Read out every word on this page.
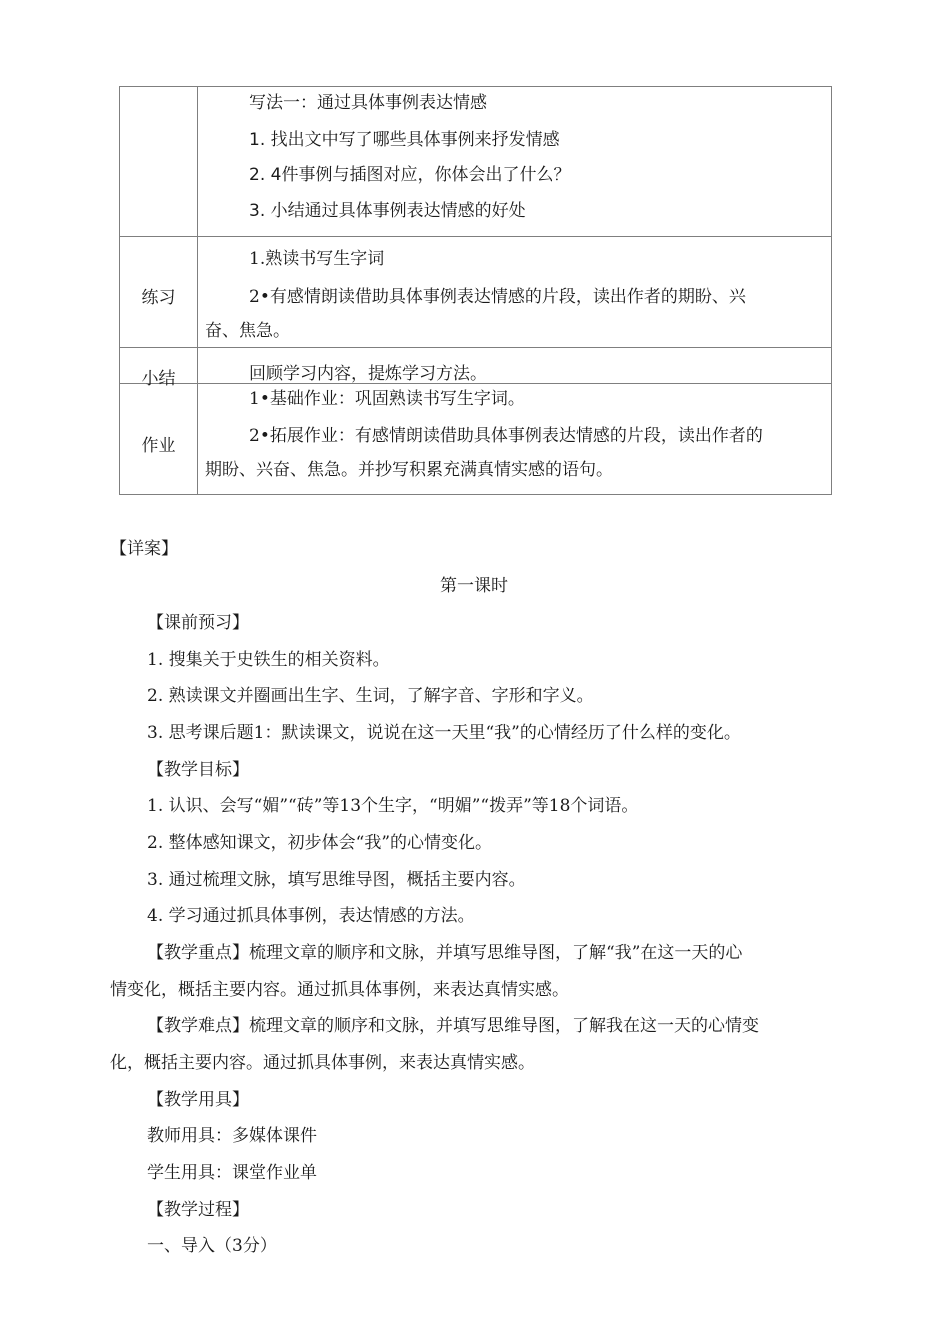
	写法一：通过具体事例表达情感
1. 找出文中写了哪些具体事例来抒发情感
2. 4件事例与插图对应，你体会出了什么？
3. 小结通过具体事例表达情感的好处

练习	1.熟读书写生字词
2•有感情朗读借助具体事例表达情感的片段，读出作者的期盼、兴
奋、焦急。

小结	回顾学习内容，提炼学习方法。

作业	1•基础作业：巩固熟读书写生字词。
2•拓展作业：有感情朗读借助具体事例表达情感的片段，读出作者的
期盼、兴奋、焦急。并抄写积累充满真情实感的语句。
【详案】
第一课时
【课前预习】
1. 搜集关于史铁生的相关资料。
2. 熟读课文并圈画出生字、生词，了解字音、字形和字义。
3. 思考课后题1：默读课文，说说在这一天里“我”的心情经历了什么样的变化。
【教学目标】
1. 认识、会写“媚”“砖”等13个生字，“明媚”“拨弄”等18个词语。
2. 整体感知课文，初步体会“我”的心情变化。
3. 通过梳理文脉，填写思维导图，概括主要内容。
4. 学习通过抓具体事例，表达情感的方法。
【教学重点】梳理文章的顺序和文脉，并填写思维导图，了解“我”在这一天的心
情变化，概括主要内容。通过抓具体事例，来表达真情实感。
【教学难点】梳理文章的顺序和文脉，并填写思维导图，了解我在这一天的心情变
化，概括主要内容。通过抓具体事例，来表达真情实感。
【教学用具】
教师用具：多媒体课件
学生用具：课堂作业单
【教学过程】
一、导入（3分）
